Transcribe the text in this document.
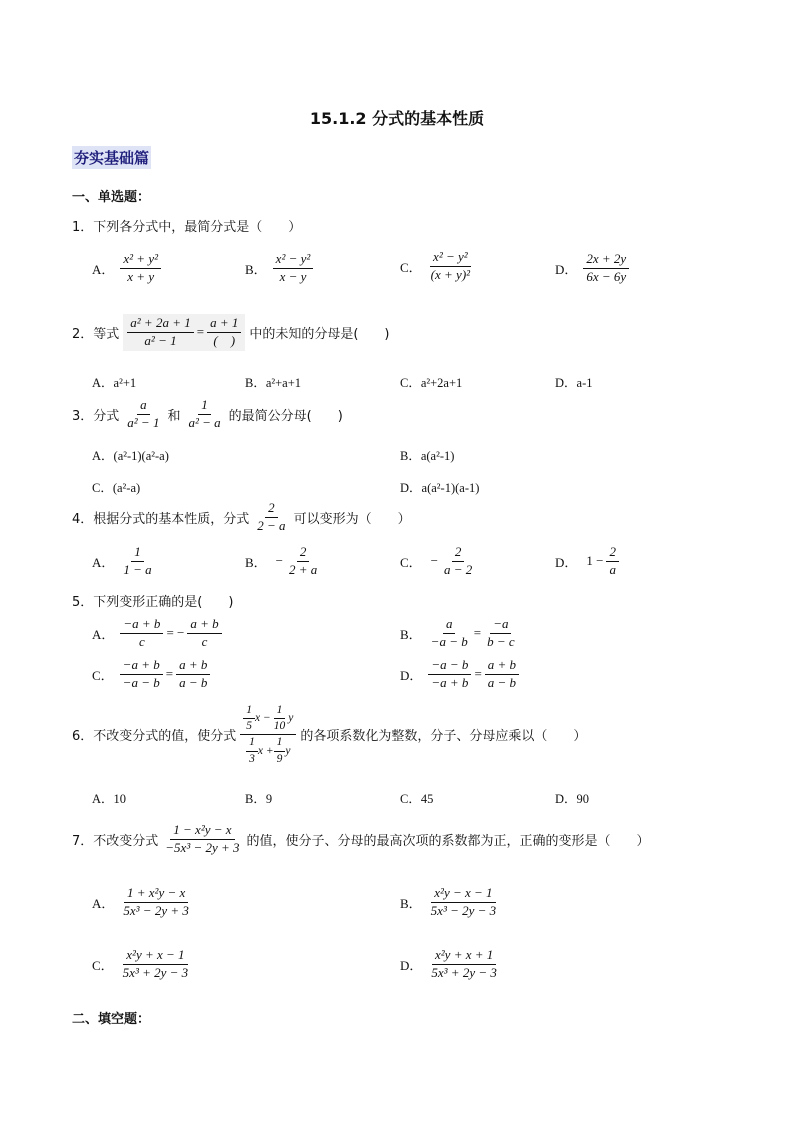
15.1.2 分式的基本性质
夯实基础篇
一、单选题：
1．下列各分式中，最简分式是（　　）
A． $\frac{\text{x² + y²}}{x + y}$	B． $\frac{\text{x² − y²}}{x - y}$	C． $\frac{\text{x² − y²}}{\text{(x + y)²}}$	D． $\frac{2x + 2y}{6x - 6y}$
2．等式 $\frac{\text{a² + 2a + 1}}{\text{a² − 1}} = \frac{a + 1}{( )}$ 中的未知的分母是(　　)
A．a²+1	B．a²+a+1	C．a²+2a+1	D．a-1
3．分式 $\frac{a}{\text{a² − 1}}$ 和 $\frac{1}{\text{a² − a}}$ 的最简公分母(　　)
A．(a²-1)(a²-a)	B．a(a²-1)
C．(a²-a)	D．a(a²-1)(a-1)
4．根据分式的基本性质，分式 $\frac{2}{2 - a}$ 可以变形为（　　）
A． $\frac{1}{1 - a}$	B． − $\frac{2}{2 + a}$	C． − $\frac{2}{a - 2}$	D． $1 - \frac{2}{a}$
5．下列变形正确的是(　　)
A． $\frac{-a + b}{c}$ = − $\frac{a + b}{c}$	B． $\frac{a}{-a - b} = \frac{-a}{b - c}$
C． $\frac{-a + b}{-a - b} = \frac{a + b}{a - b}$	D． $\frac{-a - b}{-a + b} = \frac{a + b}{a - b}$
6．不改变分式的值，使分式 $\frac{\frac{1}{5} x - \frac{1}{10} y}{\frac{1}{3} x + \frac{1}{9} y}$ 的各项系数化为整数，分子、分母应乘以（　　）
A．10	B．9	C．45	D．90
7．不改变分式 $\frac{\text{1 − x²y − x}}{\text{−5x³ − 2y + 3}}$ 的值，使分子、分母的最高次项的系数都为正，正确的变形是（　　）
A． $\frac{\text{1 + x²y − x}}{\text{5x³ − 2y + 3}}$	B． $\frac{\text{x²y − x − 1}}{\text{5x³ − 2y − 3}}$
C． $\frac{\text{x²y + x − 1}}{\text{5x³ + 2y − 3}}$	D． $\frac{\text{x²y + x + 1}}{\text{5x³ + 2y − 3}}$
二、填空题：
